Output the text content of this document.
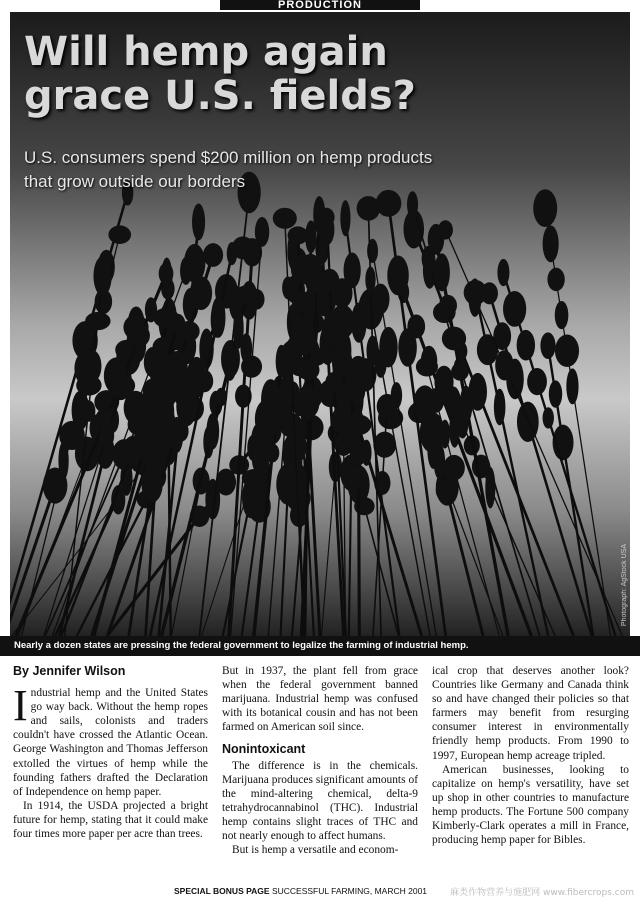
PRODUCTION
Will hemp again grace U.S. fields?

U.S. consumers spend $200 million on hemp products that grow outside our borders

Photograph: AgStock USA
Nearly a dozen states are pressing the federal government to legalize the farming of industrial hemp.
By Jennifer Wilson

Industrial hemp and the United States go way back. Without the hemp ropes and sails, colonists and traders couldn't have crossed the Atlantic Ocean. George Washington and Thomas Jefferson extolled the virtues of hemp while the founding fathers drafted the Declaration of Independence on hemp paper.

In 1914, the USDA projected a bright future for hemp, stating that it could make four times more paper per acre than trees.

But in 1937, the plant fell from grace when the federal government banned marijuana. Industrial hemp was confused with its botanical cousin and has not been farmed on American soil since.

Nonintoxicant

The difference is in the chemicals. Marijuana produces significant amounts of the mind-altering chemical, delta-9 tetrahydrocannabinol (THC). Industrial hemp contains slight traces of THC and not nearly enough to affect humans.

But is hemp a versatile and econom-

ical crop that deserves another look? Countries like Germany and Canada think so and have changed their policies so that farmers may benefit from resurging consumer interest in environmentally friendly hemp products. From 1990 to 1997, European hemp acreage tripled.

American businesses, looking to capitalize on hemp's versatility, have set up shop in other countries to manufacture hemp products. The Fortune 500 company Kimberly-Clark operates a mill in France, producing hemp paper for Bibles.

SPECIAL BONUS PAGE SUCCESSFUL FARMING, MARCH 2001	麻类作物营养与施肥网 www.fibercrops.com
